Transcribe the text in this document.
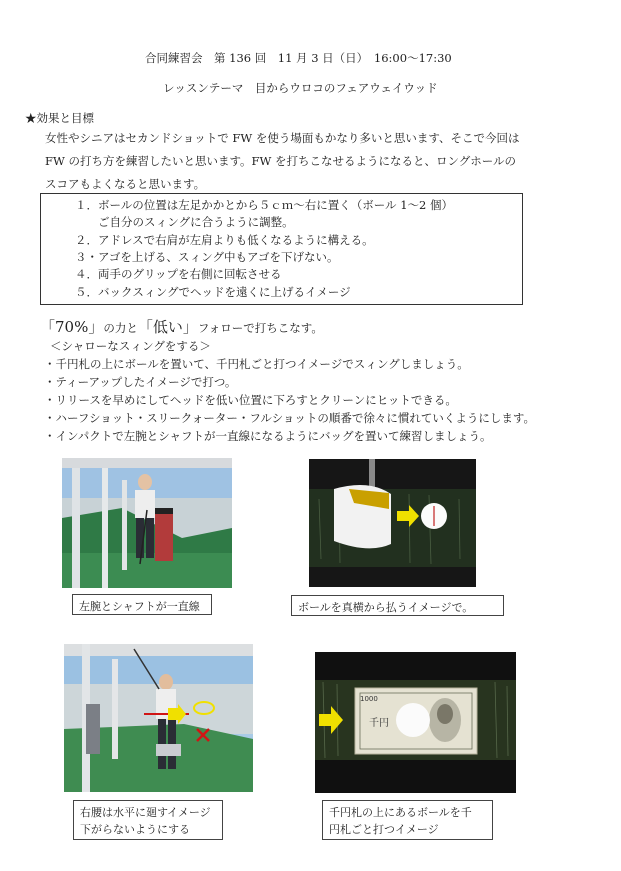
合同練習会　第 136 回　11 月 3 日（日）　16:00～17:30
レッスンテーマ　目からウロコのフェアウェイウッド
★効果と目標
女性やシニアはセカンドショットで FW を使う場面もかなり多いと思います、そこで今回は
FW の打ち方を練習したいと思います。FW を打ちこなせるようになると、ロングホールの
スコアもよくなると思います。
１．ボールの位置は左足かかとから５ｃｍ～右に置く（ボール 1～2 個）
　　ご自分のスィングに合うように調整。
２．アドレスで右肩が左肩よりも低くなるように構える。
３・アゴを上げる、スィング中もアゴを下げない。
４．両手のグリップを右側に回転させる
５．バックスィングでヘッドを遠くに上げるイメージ
「70%」の力と「低い」フォローで打ちこなす。
＜シャローなスィングをする＞
・千円札の上にボールを置いて、千円札ごと打つイメージでスィングしましょう。
・ティーアップしたイメージで打つ。
・リリースを早めにしてヘッドを低い位置に下ろすとクリーンにヒットできる。
・ハーフショット・スリークォーター・フルショットの順番で徐々に慣れていくようにします。
・インパクトで左腕とシャフトが一直線になるようにバッグを置いて練習しましょう。
左腕とシャフトが一直線	ボールを真横から払うイメージで。
右腰は水平に廻すイメージ
下がらないようにする
1000
千円
千円札の上にあるボールを千
円札ごと打つイメージ
